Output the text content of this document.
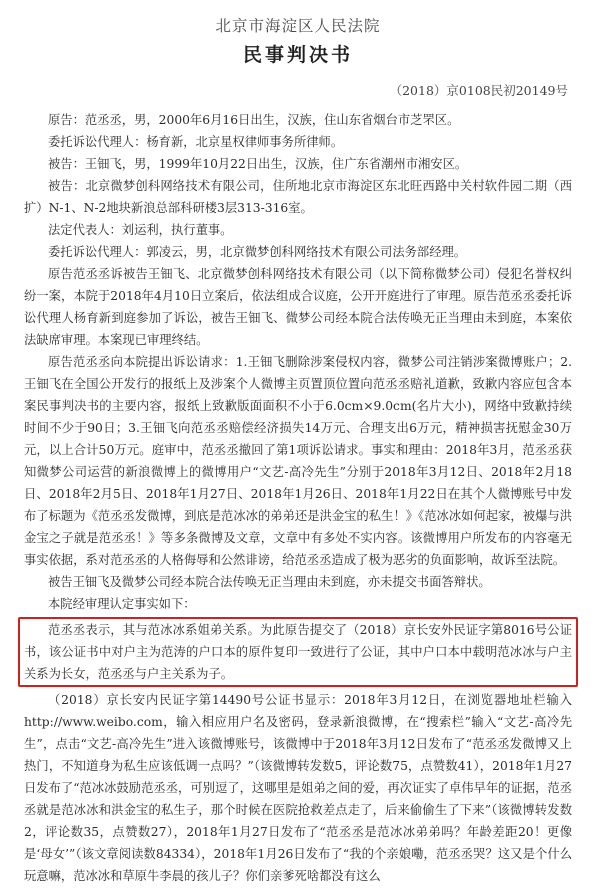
北京市海淀区人民法院
民事判决书
（2018）京0108民初20149号

原告：范丞丞，男，2000年6月16日出生，汉族，住山东省烟台市芝罘区。

委托诉讼代理人：杨育新，北京星权律师事务所律师。

被告：王钿飞，男，1999年10月22日出生，汉族，住广东省潮州市湘安区。

被告：北京微梦创科网络技术有限公司，住所地北京市海淀区东北旺西路中关村软件园二期（西扩）N-1、N-2地块新浪总部科研楼3层313-316室。

法定代表人：刘运利，执行董事。

委托诉讼代理人：郭凌云，男，北京微梦创科网络技术有限公司法务部经理。

原告范丞丞诉被告王钿飞、北京微梦创科网络技术有限公司（以下简称微梦公司）侵犯名誉权纠纷一案，本院于2018年4月10日立案后，依法组成合议庭，公开开庭进行了审理。原告范丞丞委托诉讼代理人杨育新到庭参加了诉讼，被告王钿飞、微梦公司经本院合法传唤无正当理由未到庭，本案依法缺席审理。本案现已审理终结。

原告范丞丞向本院提出诉讼请求：1.王钿飞删除涉案侵权内容，微梦公司注销涉案微博账户；2.王钿飞在全国公开发行的报纸上及涉案个人微博主页置顶位置向范丞丞赔礼道歉，致歉内容应包含本案民事判决书的主要内容，报纸上致歉版面面积不小于6.0cm×9.0cm(名片大小)，网络中致歉持续时间不少于90日；3.王钿飞向范丞丞赔偿经济损失14万元、合理支出6万元，精神损害抚慰金30万元，以上合计50万元。庭审中，范丞丞撤回了第1项诉讼请求。事实和理由：2018年3月，范丞丞获知微梦公司运营的新浪微博上的微博用户“文艺-高冷先生”分别于2018年3月12日、2018年2月18日、2018年2月5日、2018年1月27日、2018年1月26日、2018年1月22日在其个人微博账号中发布了标题为《范丞丞发微博，到底是范冰冰的弟弟还是洪金宝的私生！》《范冰冰如何起家，被爆与洪金宝之子就是范丞丞！》等多条微博及文章，文章中有多处不实内容。该微博用户所发布的内容毫无事实依据，系对范丞丞的人格侮辱和公然诽谤，给范丞丞造成了极为恶劣的负面影响，故诉至法院。

被告王钿飞及微梦公司经本院合法传唤无正当理由未到庭，亦未提交书面答辩状。

本院经审理认定事实如下：

范丞丞表示，其与范冰冰系姐弟关系。为此原告提交了（2018）京长安外民证字第8016号公证书，该公证书中对户主为范涛的户口本的原件复印一致进行了公证，其中户口本中载明范冰冰与户主关系为长女，范丞丞与户主关系为子。

（2018）京长安内民证字第14490号公证书显示：2018年3月12日，在浏览器地址栏输入http://www.weibo.com，输入相应用户名及密码，登录新浪微博，在“搜索栏”输入“文艺-高冷先生”，点击“文艺-高冷先生”进入该微博账号，该微博中于2018年3月12日发布了“范丞丞发微博又上热门，不知道身为私生应该低调一点吗？”（该微博转发数5，评论数75，点赞数41），2018年1月27日发布了“范冰冰鼓励范丞丞，可别逗了，这哪里是姐弟之间的爱，再次证实了卓伟早年的证据，范丞丞就是范冰冰和洪金宝的私生子，那个时候在医院抢救差点走了，后来偷偷生了下来”（该微博转发数2，评论数35，点赞数27），2018年1月27日发布了“范丞丞是范冰冰弟弟吗？年龄差距20！更像是‘母女’”（该文章阅读数84334），2018年1月26日发布了“我的个亲娘嘞，范丞丞哭？这又是个什么玩意嘛，范冰冰和草原牛李晨的孩儿子？你们亲爹死啥都没有这么
